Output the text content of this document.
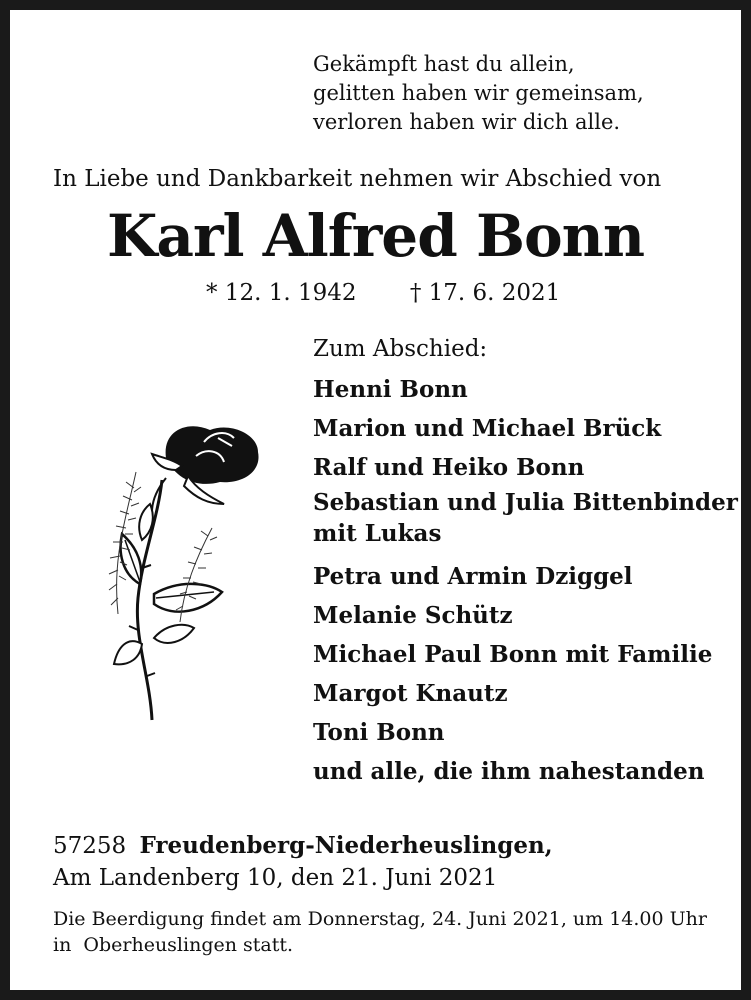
Gekämpft hast du allein,
gelitten haben wir gemeinsam,
verloren haben wir dich alle.
In Liebe und Dankbarkeit nehmen wir Abschied von
Karl Alfred Bonn
* 12. 1. 1942 † 17. 6. 2021
Zum Abschied:
Henni Bonn
Marion und Michael Brück
Ralf und Heiko Bonn
Sebastian und Julia Bittenbinder
mit Lukas
Petra und Armin Dziggel
Melanie Schütz
Michael Paul Bonn mit Familie
Margot Knautz
Toni Bonn
und alle, die ihm nahestanden
57258 Freudenberg-Niederheuslingen,
Am Landenberg 10, den 21. Juni 2021
Die Beerdigung findet am Donnerstag, 24. Juni 2021, um 14.00 Uhr
in  Oberheuslingen statt.
